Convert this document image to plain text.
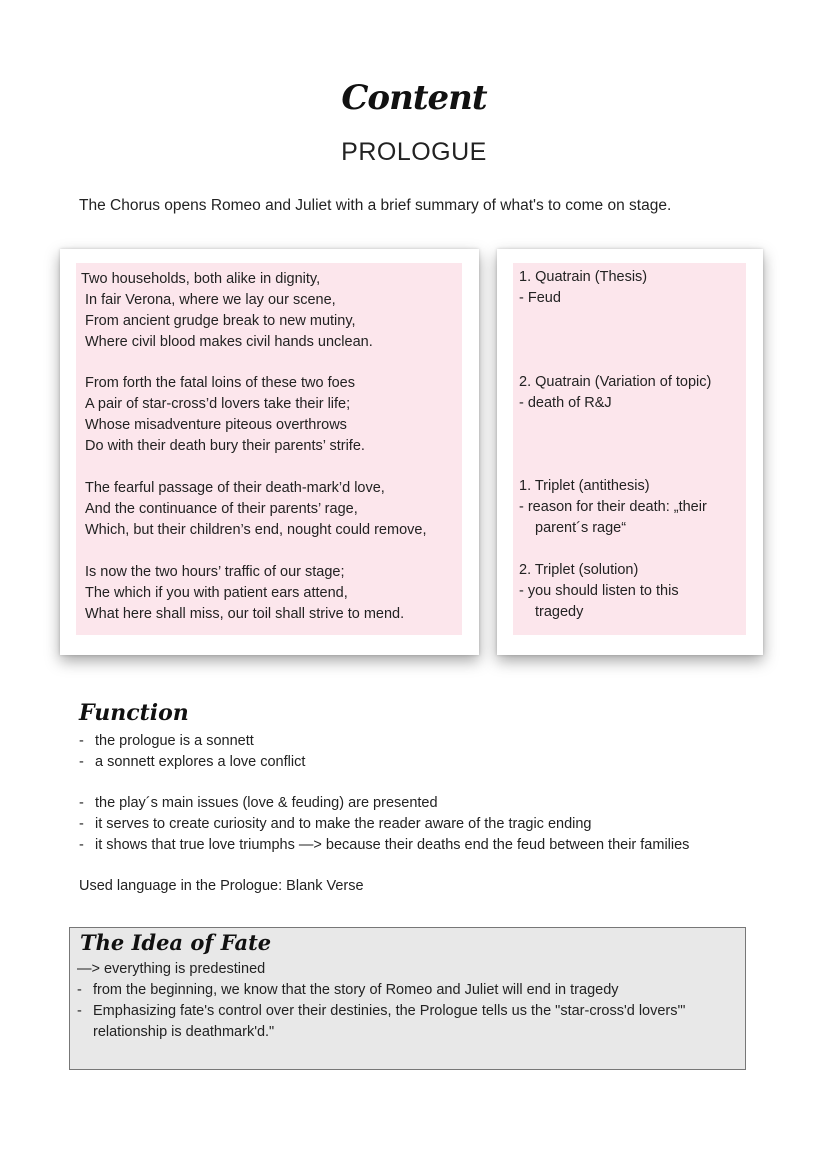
Content
PROLOGUE
The Chorus opens Romeo and Juliet with a brief summary of what's to come on stage.
Two households, both alike in dignity,
In fair Verona, where we lay our scene,
From ancient grudge break to new mutiny,
Where civil blood makes civil hands unclean.
From forth the fatal loins of these two foes
A pair of star-cross’d lovers take their life;
Whose misadventure piteous overthrows
Do with their death bury their parents’ strife.
The fearful passage of their death-mark’d love,
And the continuance of their parents’ rage,
Which, but their children’s end, nought could remove,
Is now the two hours’ traffic of our stage;
The which if you with patient ears attend,
What here shall miss, our toil shall strive to mend.
1. Quatrain (Thesis)
- Feud
2. Quatrain (Variation of topic)
- death of R&J
1. Triplet (antithesis)
- reason for their death: „their
parent´s rage“
2. Triplet (solution)
- you should listen to this
tragedy
Function
- the prologue is a sonnett
- a sonnett explores a love conflict
- the play´s main issues (love & feuding) are presented
- it serves to create curiosity and to make the reader aware of the tragic ending
- it shows that true love triumphs —> because their deaths end the feud between their families
Used language in the Prologue: Blank Verse
The Idea of Fate
—> everything is predestined
- from the beginning, we know that the story of Romeo and Juliet will end in tragedy
- Emphasizing fate's control over their destinies, the Prologue tells us the "star-cross'd lovers'"
relationship is deathmark'd."
